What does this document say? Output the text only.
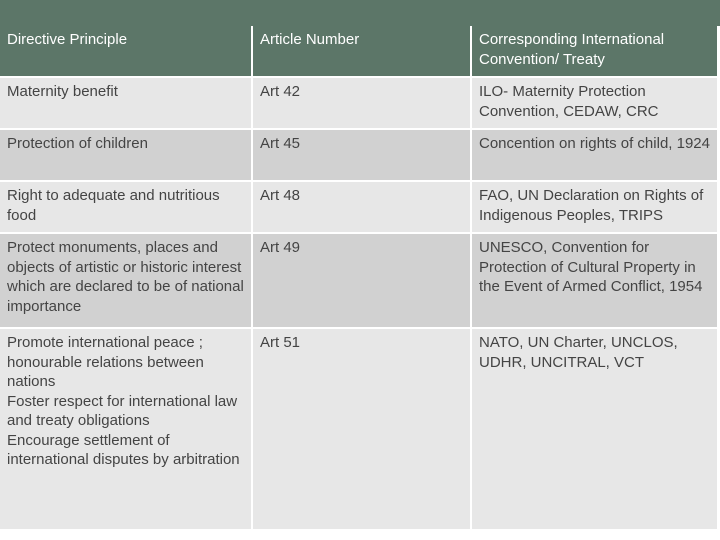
Directive Principle	Article Number	Corresponding International Convention/ Treaty

Maternity benefit	Art 42	ILO- Maternity Protection Convention, CEDAW, CRC

Protection of children	Art 45	Concention on rights of child, 1924

Right to adequate and nutritious food	Art 48	FAO, UN Declaration on Rights of Indigenous Peoples, TRIPS

Protect monuments, places and objects of artistic or historic interest which are declared to be of national importance	Art 49	UNESCO, Convention for Protection of Cultural Property in the Event of Armed Conflict, 1954

Promote international peace ; honourable relations between nations
Foster respect for international law and treaty obligations
Encourage settlement of international disputes by arbitration	Art 51	NATO, UN Charter, UNCLOS, UDHR, UNCITRAL, VCT
